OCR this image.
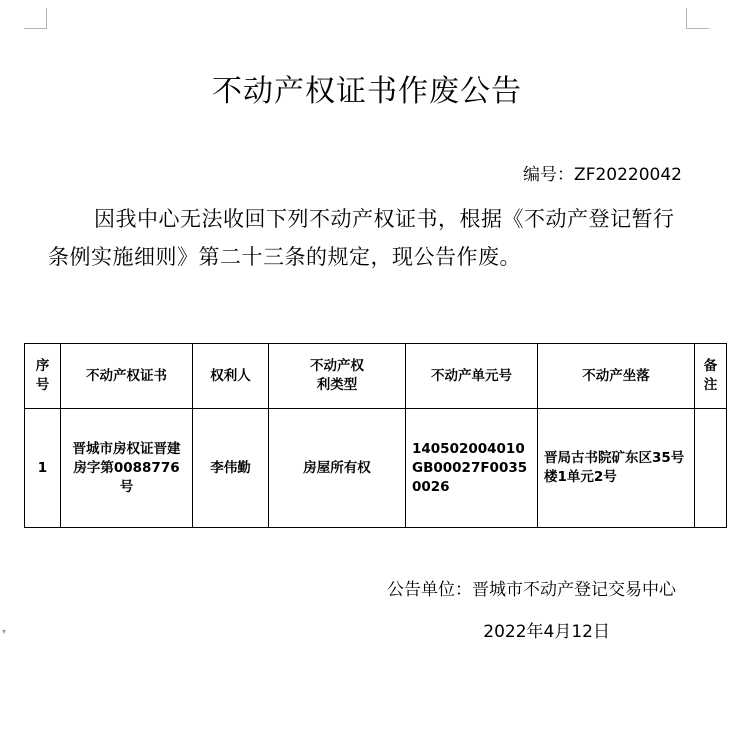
▾
不动产权证书作废公告
编号：ZF20220042
因我中心无法收回下列不动产权证书，根据《不动产登记暂行条例实施细则》第二十三条的规定，现公告作废。
序号	不动产权证书	权利人	不动产权利类型	不动产单元号	不动产坐落	备注
1	晋城市房权证晋建房字第0088776号	李伟勤	房屋所有权	140502004010GB00027F00350026	晋局古书院矿东区35号楼1单元2号	
公告单位：晋城市不动产登记交易中心
2022年4月12日
